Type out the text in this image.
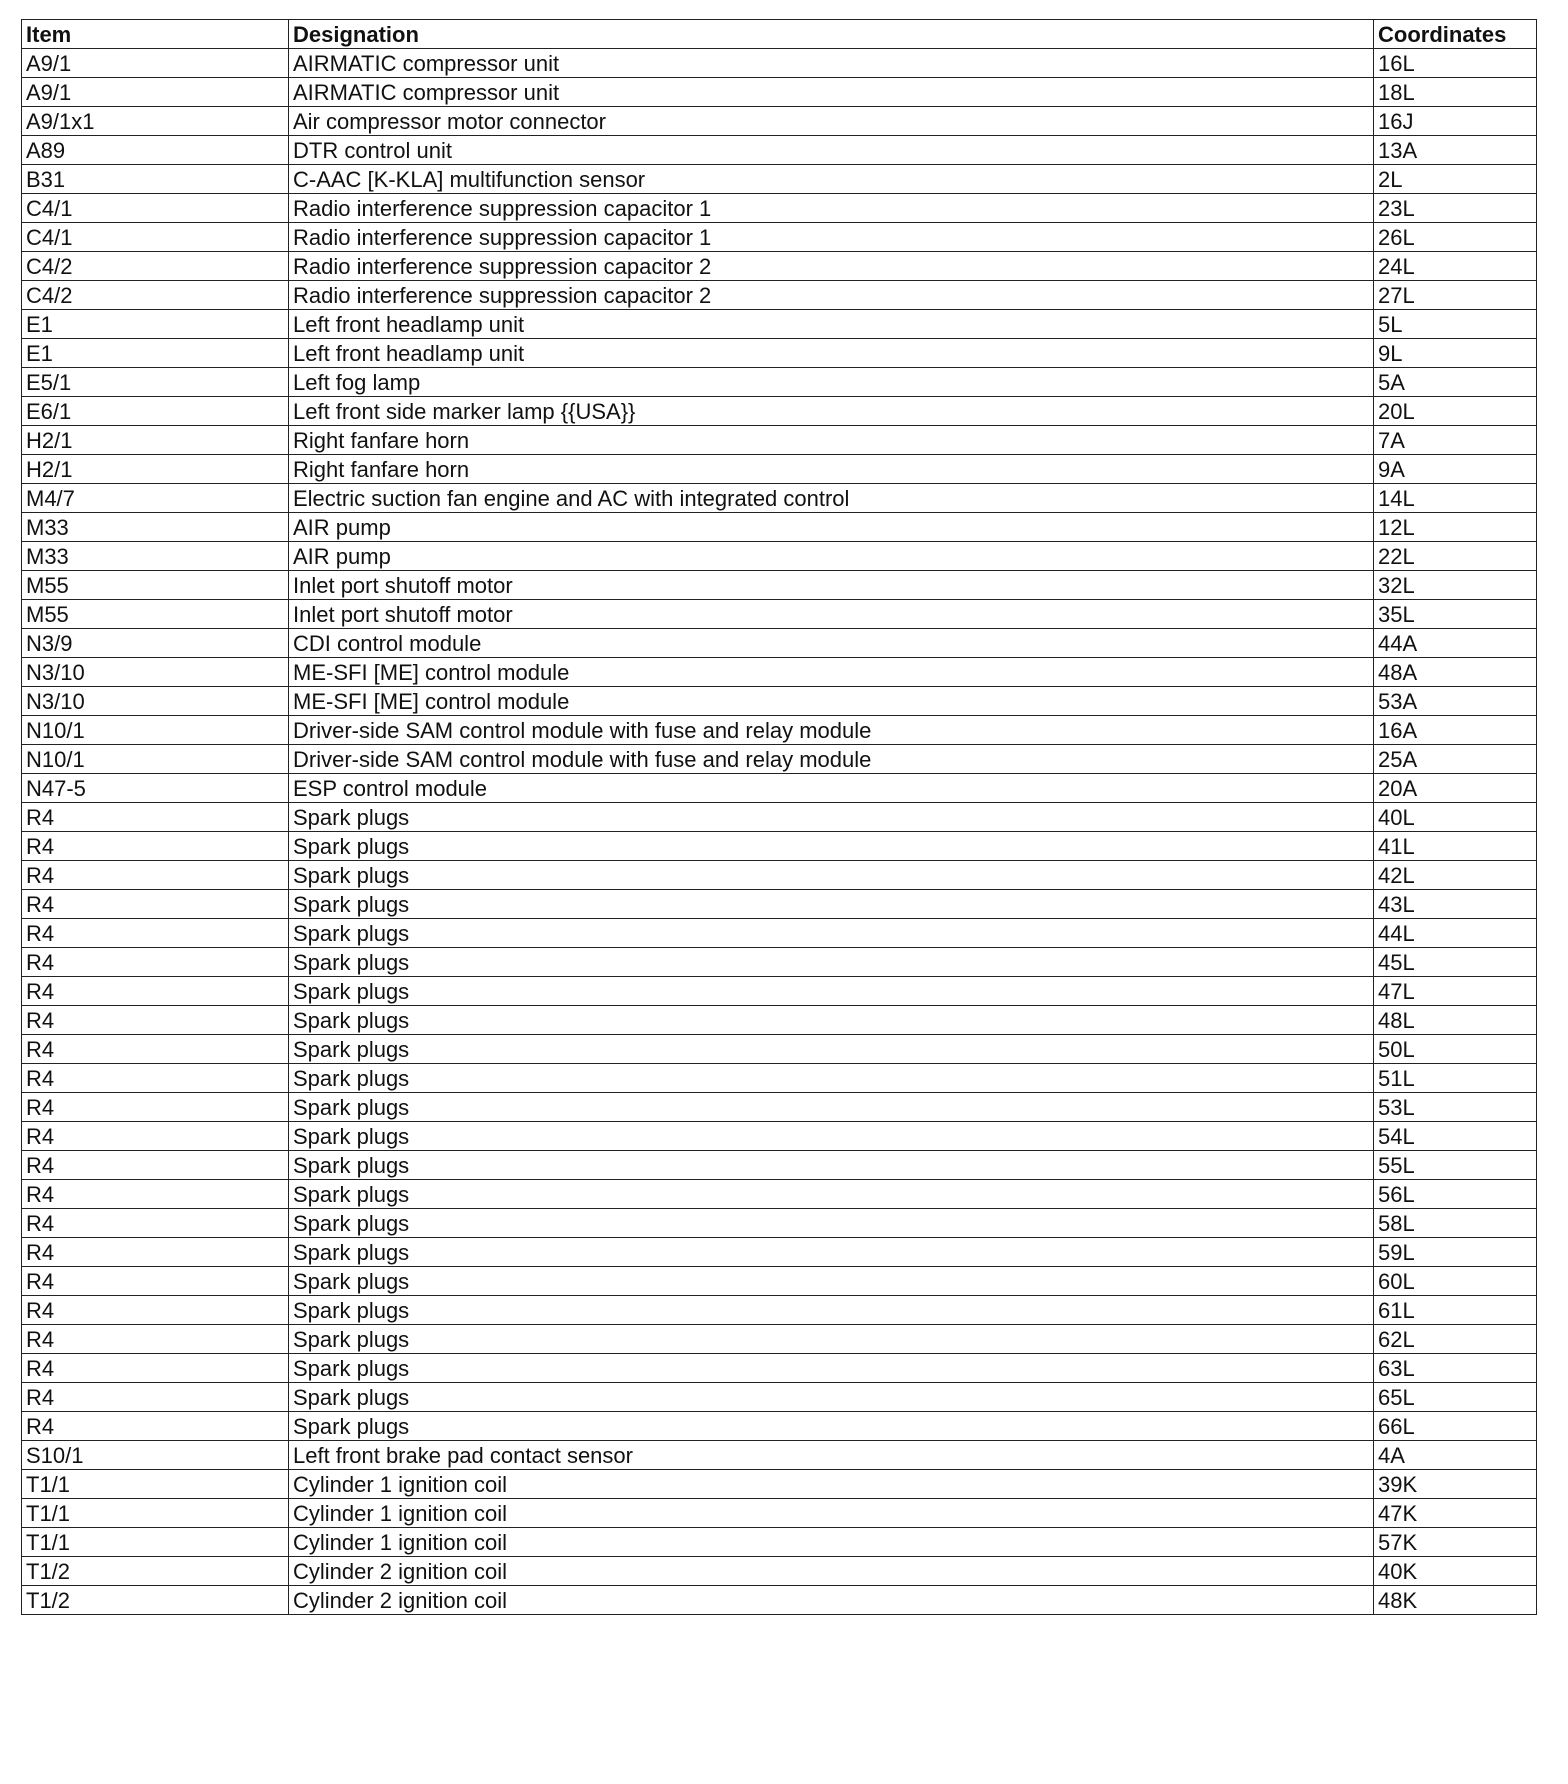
Item	Designation	Coordinates
A9/1	AIRMATIC compressor unit	16L
A9/1	AIRMATIC compressor unit	18L
A9/1x1	Air compressor motor connector	16J
A89	DTR control unit	13A
B31	C-AAC [K-KLA] multifunction sensor	2L
C4/1	Radio interference suppression capacitor 1	23L
C4/1	Radio interference suppression capacitor 1	26L
C4/2	Radio interference suppression capacitor 2	24L
C4/2	Radio interference suppression capacitor 2	27L
E1	Left front headlamp unit	5L
E1	Left front headlamp unit	9L
E5/1	Left fog lamp	5A
E6/1	Left front side marker lamp {{USA}}	20L
H2/1	Right fanfare horn	7A
H2/1	Right fanfare horn	9A
M4/7	Electric suction fan engine and AC with integrated control	14L
M33	AIR pump	12L
M33	AIR pump	22L
M55	Inlet port shutoff motor	32L
M55	Inlet port shutoff motor	35L
N3/9	CDI control module	44A
N3/10	ME-SFI [ME] control module	48A
N3/10	ME-SFI [ME] control module	53A
N10/1	Driver-side SAM control module with fuse and relay module	16A
N10/1	Driver-side SAM control module with fuse and relay module	25A
N47-5	ESP control module	20A
R4	Spark plugs	40L
R4	Spark plugs	41L
R4	Spark plugs	42L
R4	Spark plugs	43L
R4	Spark plugs	44L
R4	Spark plugs	45L
R4	Spark plugs	47L
R4	Spark plugs	48L
R4	Spark plugs	50L
R4	Spark plugs	51L
R4	Spark plugs	53L
R4	Spark plugs	54L
R4	Spark plugs	55L
R4	Spark plugs	56L
R4	Spark plugs	58L
R4	Spark plugs	59L
R4	Spark plugs	60L
R4	Spark plugs	61L
R4	Spark plugs	62L
R4	Spark plugs	63L
R4	Spark plugs	65L
R4	Spark plugs	66L
S10/1	Left front brake pad contact sensor	4A
T1/1	Cylinder 1 ignition coil	39K
T1/1	Cylinder 1 ignition coil	47K
T1/1	Cylinder 1 ignition coil	57K
T1/2	Cylinder 2 ignition coil	40K
T1/2	Cylinder 2 ignition coil	48K
